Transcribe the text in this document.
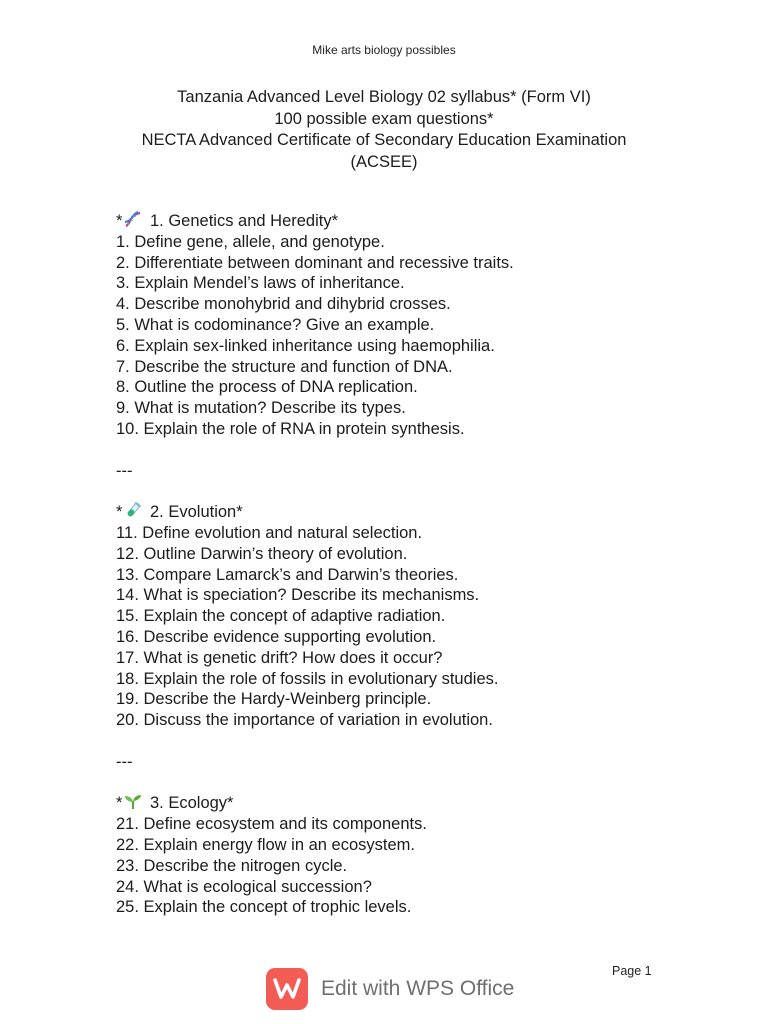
Mike arts biology possibles
Tanzania Advanced Level Biology 02 syllabus* (Form VI)
100 possible exam questions*
NECTA Advanced Certificate of Secondary Education Examination
(ACSEE)
* 1. Genetics and Heredity*
1. Define gene, allele, and genotype.
2. Differentiate between dominant and recessive traits.
3. Explain Mendel’s laws of inheritance.
4. Describe monohybrid and dihybrid crosses.
5. What is codominance? Give an example.
6. Explain sex-linked inheritance using haemophilia.
7. Describe the structure and function of DNA.
8. Outline the process of DNA replication.
9. What is mutation? Describe its types.
10. Explain the role of RNA in protein synthesis.
---
* 2. Evolution*
11. Define evolution and natural selection.
12. Outline Darwin’s theory of evolution.
13. Compare Lamarck’s and Darwin’s theories.
14. What is speciation? Describe its mechanisms.
15. Explain the concept of adaptive radiation.
16. Describe evidence supporting evolution.
17. What is genetic drift? How does it occur?
18. Explain the role of fossils in evolutionary studies.
19. Describe the Hardy-Weinberg principle.
20. Discuss the importance of variation in evolution.
---
* 3. Ecology*
21. Define ecosystem and its components.
22. Explain energy flow in an ecosystem.
23. Describe the nitrogen cycle.
24. What is ecological succession?
25. Explain the concept of trophic levels.
Page 1
Edit with WPS Office
